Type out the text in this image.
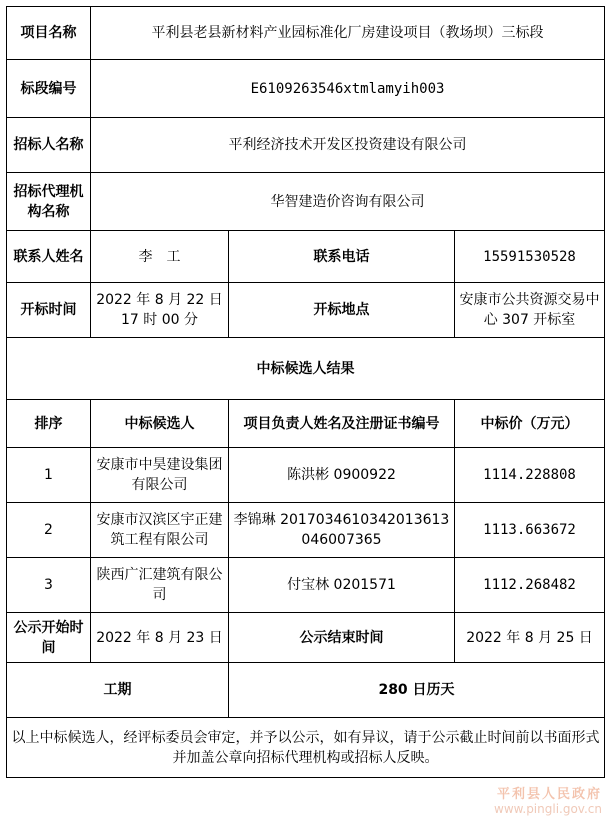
项目名称	平利县老县新材料产业园标准化厂房建设项目（教场坝）三标段		
标段编号	E6109263546xtmlamyih003		
招标人名称	平利经济技术开发区投资建设有限公司		
招标代理机构名称	华智建造价咨询有限公司		
联系人姓名	李　工	联系电话	15591530528
开标时间	2022 年 8 月 22 日 17 时 00 分	开标地点	安康市公共资源交易中心 307 开标室
中标候选人结果			
排序	中标候选人	项目负责人姓名及注册证书编号	中标价（万元）
1	安康市中昊建设集团有限公司	陈洪彬 0900922	1114.228808
2	安康市汉滨区宇正建筑工程有限公司	李锦琳 201703461034201361304600736​5	1113.663672
3	陕西广汇建筑有限公司	付宝林 0201571	1112.268482
公示开始时间	2022 年 8 月 23 日	公示结束时间	2022 年 8 月 25 日
工期		280 日历天	
以上中标候选人，经评标委员会审定，并予以公示，如有异议，请于公示截止时间前以书面形式并加盖公章向招标代理机构或招标人反映。			
平利县人民政府
www.pingli.gov.cn
